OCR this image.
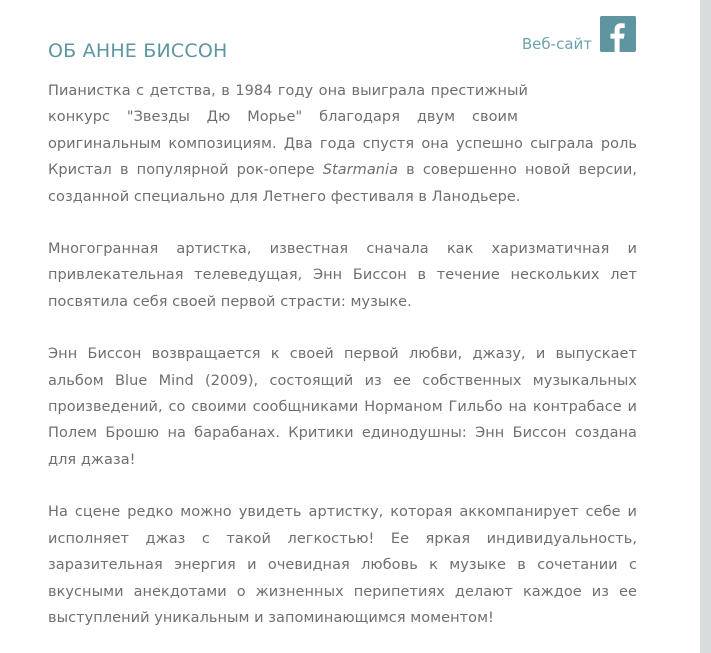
ОБ АННЕ БИССОН	Веб-сайт

Пианистка с детства, в 1984 году она выиграла престижный
конкурс "Звезды Дю Морье" благодаря двум своим
оригинальным композициям. Два года спустя она успешно сыграла роль Кристал в популярной рок-опере Starmania в совершенно новой версии, созданной специально для Летнего фестиваля в Ланодьере.

Многогранная артистка, известная сначала как харизматичная и привлекательная телеведущая, Энн Биссон в течение нескольких лет посвятила себя своей первой страсти: музыке.

Энн Биссон возвращается к своей первой любви, джазу, и выпускает альбом Blue Mind (2009), состоящий из ее собственных музыкальных произведений, со своими сообщниками Норманом Гильбо на контрабасе и Полем Брошю на барабанах. Критики единодушны: Энн Биссон создана для джаза!

На сцене редко можно увидеть артистку, которая аккомпанирует себе и исполняет джаз с такой легкостью! Ее яркая индивидуальность, заразительная энергия и очевидная любовь к музыке в сочетании с вкусными анекдотами о жизненных перипетиях делают каждое из ее выступлений уникальным и запоминающимся моментом!
